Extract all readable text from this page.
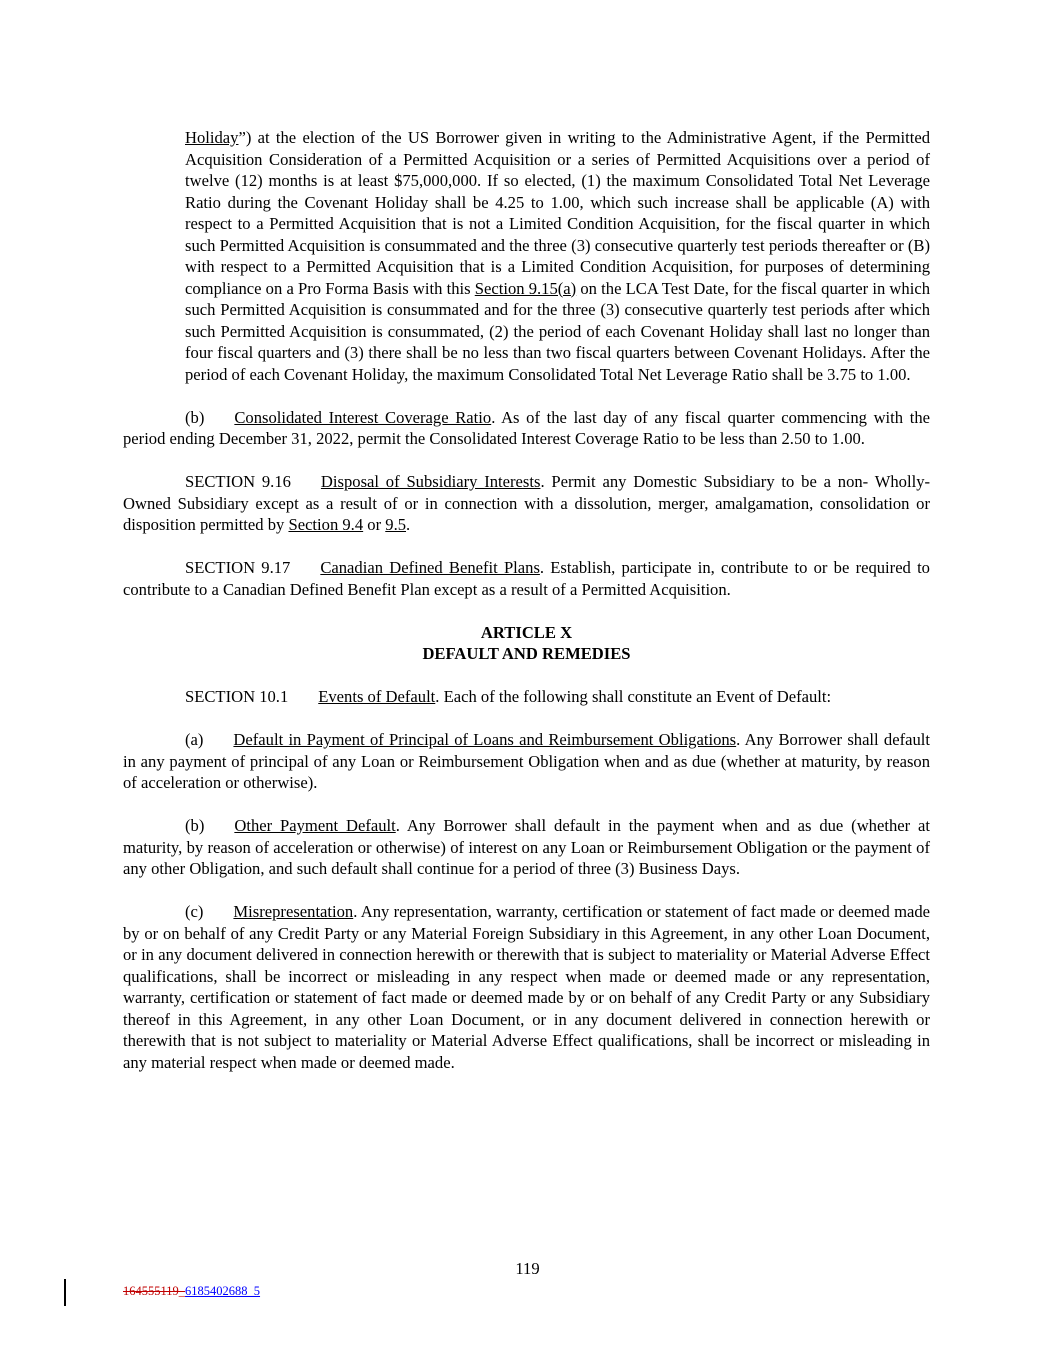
Holiday”) at the election of the US Borrower given in writing to the Administrative Agent, if the Permitted Acquisition Consideration of a Permitted Acquisition or a series of Permitted Acquisitions over a period of twelve (12) months is at least $75,000,000. If so elected, (1) the maximum Consolidated Total Net Leverage Ratio during the Covenant Holiday shall be 4.25 to 1.00, which such increase shall be applicable (A) with respect to a Permitted Acquisition that is not a Limited Condition Acquisition, for the fiscal quarter in which such Permitted Acquisition is consummated and the three (3) consecutive quarterly test periods thereafter or (B) with respect to a Permitted Acquisition that is a Limited Condition Acquisition, for purposes of determining compliance on a Pro Forma Basis with this Section 9.15(a) on the LCA Test Date, for the fiscal quarter in which such Permitted Acquisition is consummated and for the three (3) consecutive quarterly test periods after which such Permitted Acquisition is consummated, (2) the period of each Covenant Holiday shall last no longer than four fiscal quarters and (3) there shall be no less than two fiscal quarters between Covenant Holidays. After the period of each Covenant Holiday, the maximum Consolidated Total Net Leverage Ratio shall be 3.75 to 1.00.

(b) Consolidated Interest Coverage Ratio. As of the last day of any fiscal quarter commencing with the period ending December 31, 2022, permit the Consolidated Interest Coverage Ratio to be less than 2.50 to 1.00.

SECTION 9.16 Disposal of Subsidiary Interests. Permit any Domestic Subsidiary to be a non- Wholly-Owned Subsidiary except as a result of or in connection with a dissolution, merger, amalgamation, consolidation or disposition permitted by Section 9.4 or 9.5.

SECTION 9.17 Canadian Defined Benefit Plans. Establish, participate in, contribute to or be required to contribute to a Canadian Defined Benefit Plan except as a result of a Permitted Acquisition.

ARTICLE X

DEFAULT AND REMEDIES

SECTION 10.1 Events of Default. Each of the following shall constitute an Event of Default:

(a) Default in Payment of Principal of Loans and Reimbursement Obligations. Any Borrower shall default in any payment of principal of any Loan or Reimbursement Obligation when and as due (whether at maturity, by reason of acceleration or otherwise).

(b) Other Payment Default. Any Borrower shall default in the payment when and as due (whether at maturity, by reason of acceleration or otherwise) of interest on any Loan or Reimbursement Obligation or the payment of any other Obligation, and such default shall continue for a period of three (3) Business Days.

(c) Misrepresentation. Any representation, warranty, certification or statement of fact made or deemed made by or on behalf of any Credit Party or any Material Foreign Subsidiary in this Agreement, in any other Loan Document, or in any document delivered in connection herewith or therewith that is subject to materiality or Material Adverse Effect qualifications, shall be incorrect or misleading in any respect when made or deemed made or any representation, warranty, certification or statement of fact made or deemed made by or on behalf of any Credit Party or any Subsidiary thereof in this Agreement, in any other Loan Document, or in any document delivered in connection herewith or therewith that is not subject to materiality or Material Adverse Effect qualifications, shall be incorrect or misleading in any material respect when made or deemed made.

119
164555119_6185402688_5
